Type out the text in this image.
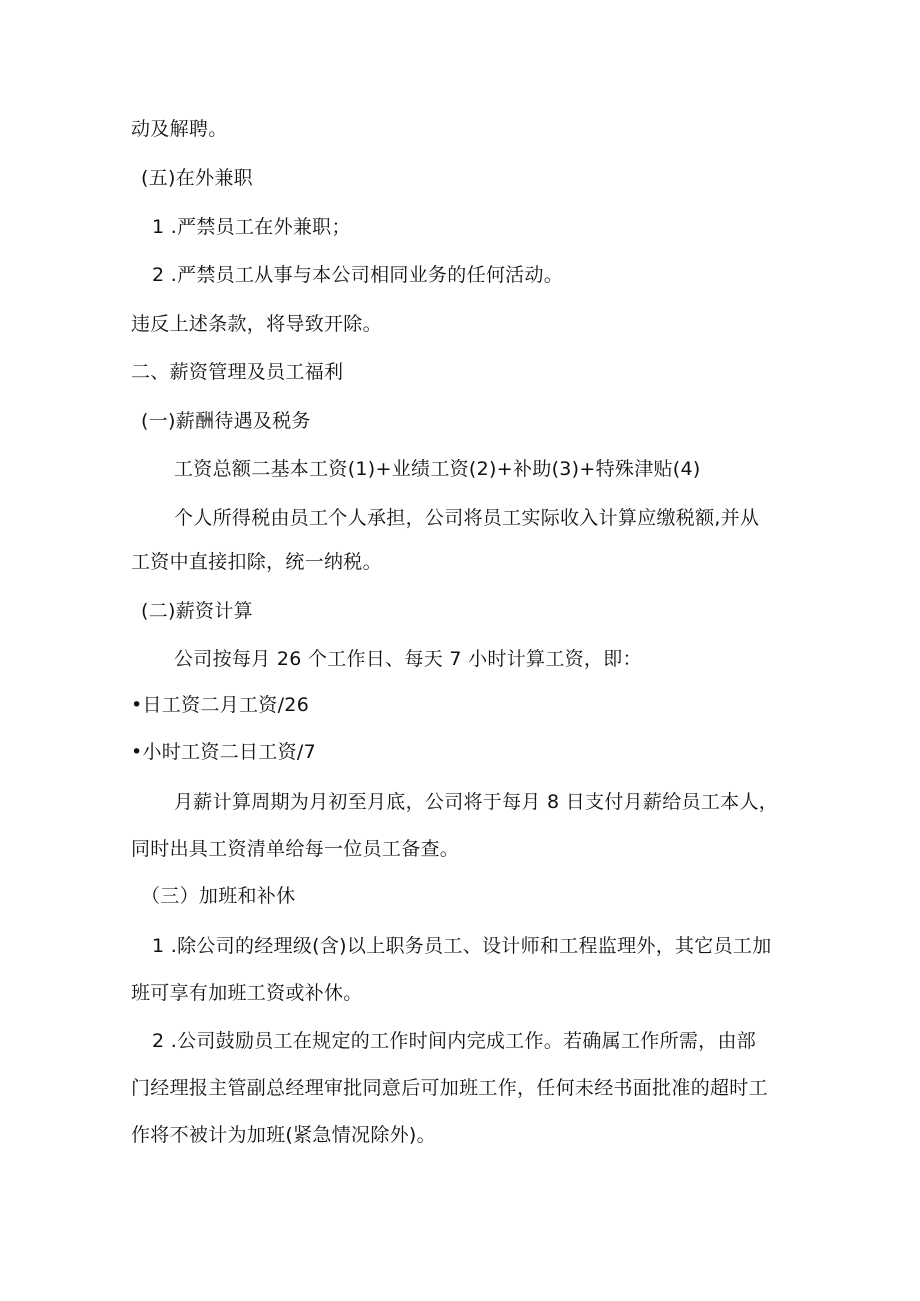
动及解聘。
(五)在外兼职
1 .严禁员工在外兼职；
2 .严禁员工从事与本公司相同业务的任何活动。
违反上述条款，将导致开除。
二、薪资管理及员工福利
(一)薪酬待遇及税务
工资总额二基本工资(1)+业绩工资(2)+补助(3)+特殊津贴(4)
个人所得税由员工个人承担，公司将员工实际收入计算应缴税额,并从
工资中直接扣除，统一纳税。
(二)薪资计算
公司按每月 26 个工作日、每天 7 小时计算工资，即：
•日工资二月工资/26
•小时工资二日工资/7
月薪计算周期为月初至月底，公司将于每月 8 日支付月薪给员工本人，
同时出具工资清单给每一位员工备查。
（三）加班和补休
1 .除公司的经理级(含)以上职务员工、设计师和工程监理外，其它员工加
班可享有加班工资或补休。
2 .公司鼓励员工在规定的工作时间内完成工作。若确属工作所需，由部
门经理报主管副总经理审批同意后可加班工作，任何未经书面批准的超时工
作将不被计为加班(紧急情况除外)。
